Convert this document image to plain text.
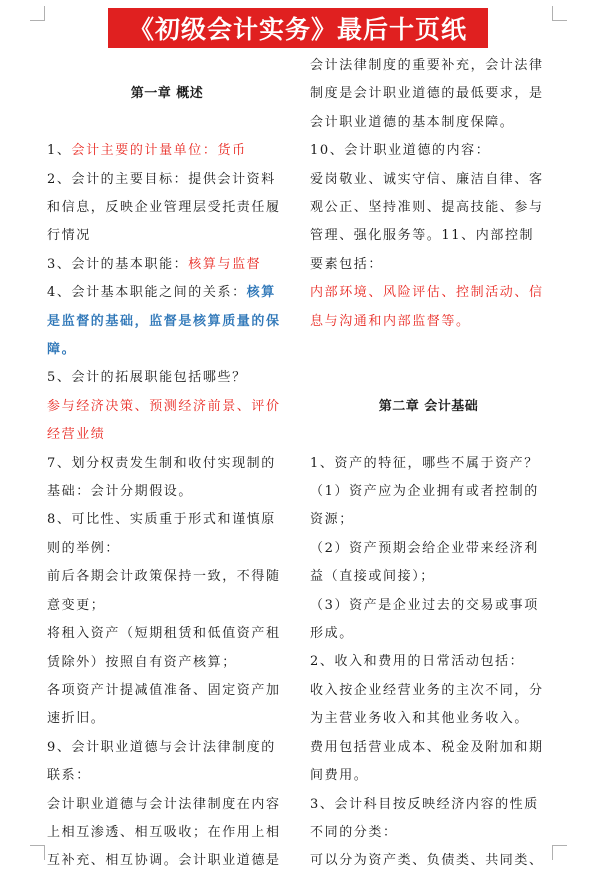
《初级会计实务》最后十页纸

第一章 概述

1、会计主要的计量单位：货币

2、会计的主要目标：提供会计资料和信息，反映企业管理层受托责任履行情况

3、会计的基本职能：核算与监督

4、会计基本职能之间的关系：核算是监督的基础，监督是核算质量的保障。

5、会计的拓展职能包括哪些？

参与经济决策、预测经济前景、评价经营业绩

7、划分权责发生制和收付实现制的基础：会计分期假设。

8、可比性、实质重于形式和谨慎原则的举例：

前后各期会计政策保持一致，不得随意变更；

将租入资产（短期租赁和低值资产租赁除外）按照自有资产核算；

各项资产计提减值准备、固定资产加速折旧。

9、会计职业道德与会计法律制度的联系：

会计职业道德与会计法律制度在内容上相互渗透、相互吸收；在作用上相互补充、相互协调。会计职业道德是

会计法律制度的重要补充，会计法律制度是会计职业道德的最低要求，是会计职业道德的基本制度保障。

10、会计职业道德的内容：

爱岗敬业、诚实守信、廉洁自律、客观公正、坚持准则、提高技能、参与管理、强化服务等。11、内部控制要素包括：

内部环境、风险评估、控制活动、信息与沟通和内部监督等。

第二章 会计基础

1、资产的特征，哪些不属于资产？

（1）资产应为企业拥有或者控制的资源；

（2）资产预期会给企业带来经济利益（直接或间接）；

（3）资产是企业过去的交易或事项形成。

2、收入和费用的日常活动包括：

收入按企业经营业务的主次不同，分为主营业务收入和其他业务收入。

费用包括营业成本、税金及附加和期间费用。

3、会计科目按反映经济内容的性质不同的分类：

可以分为资产类、负债类、共同类、
